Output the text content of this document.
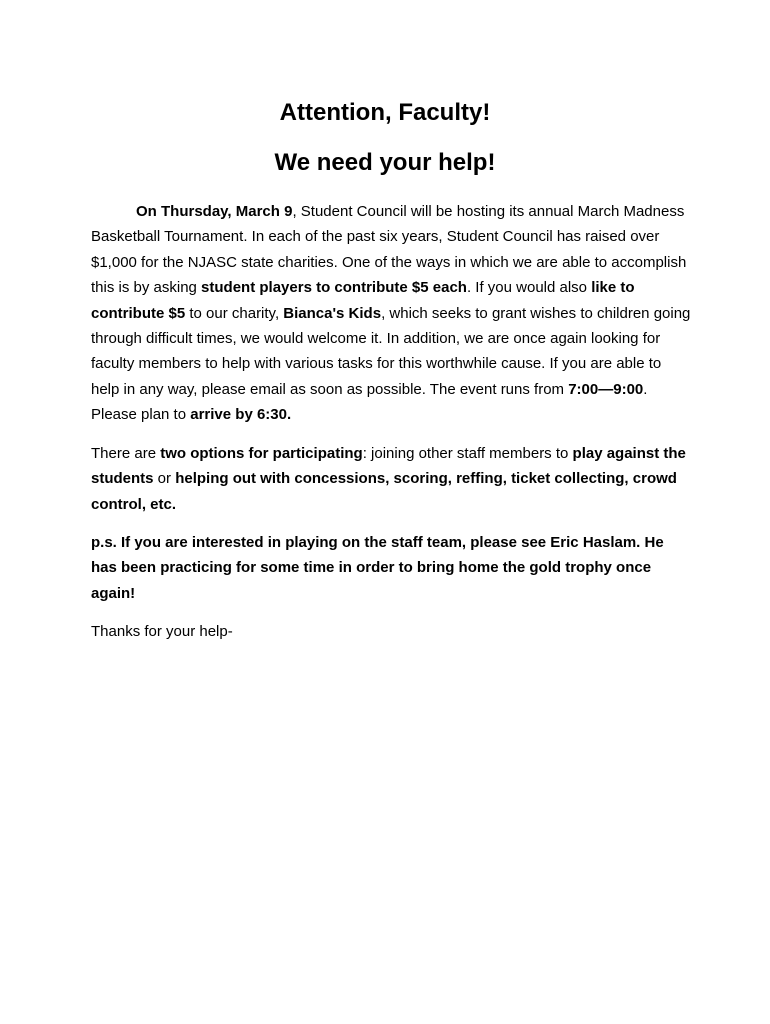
Attention, Faculty!
We need your help!

On Thursday, March 9, Student Council will be hosting its annual March Madness Basketball Tournament. In each of the past six years, Student Council has raised over $1,000 for the NJASC state charities. One of the ways in which we are able to accomplish this is by asking student players to contribute $5 each. If you would also like to contribute $5 to our charity, Bianca's Kids, which seeks to grant wishes to children going through difficult times, we would welcome it. In addition, we are once again looking for faculty members to help with various tasks for this worthwhile cause. If you are able to help in any way, please email as soon as possible. The event runs from 7:00—9:00. Please plan to arrive by 6:30.

There are two options for participating: joining other staff members to play against the students or helping out with concessions, scoring, reffing, ticket collecting, crowd control, etc.

p.s. If you are interested in playing on the staff team, please see Eric Haslam. He has been practicing for some time in order to bring home the gold trophy once again!

Thanks for your help-
